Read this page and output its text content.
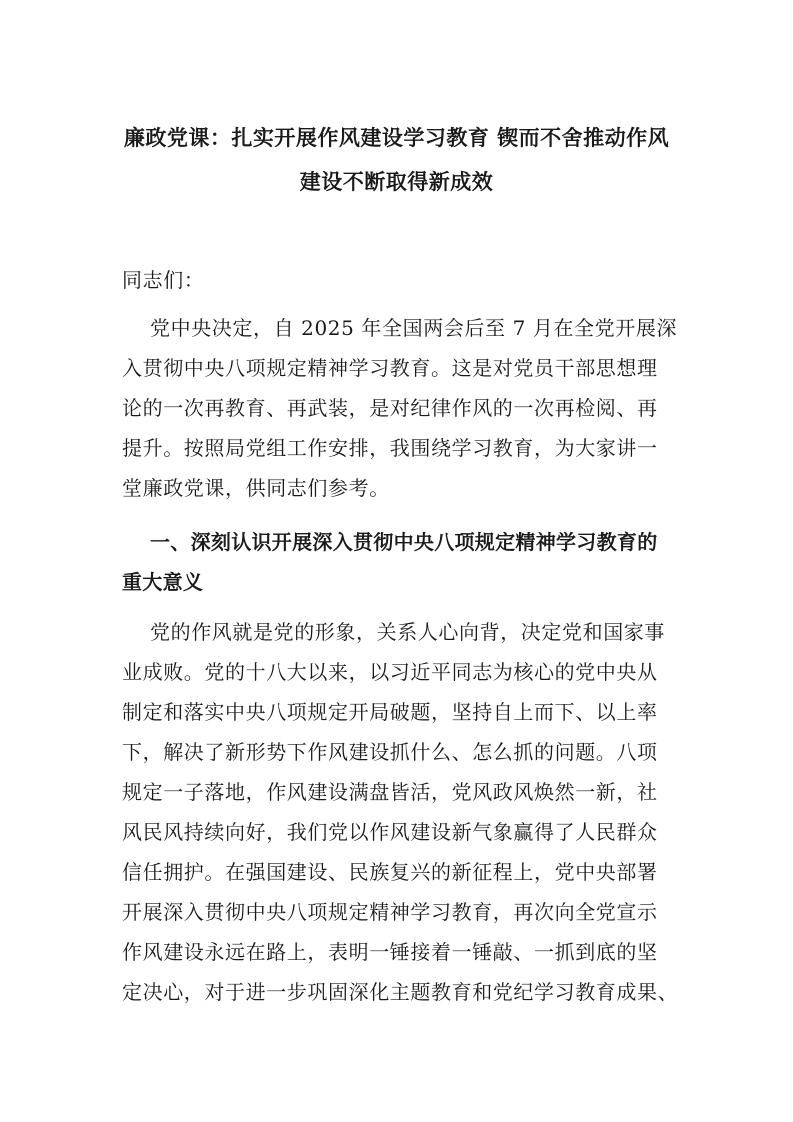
廉政党课：扎实开展作风建设学习教育 锲而不舍推动作风
建设不断取得新成效
同志们：
党中央决定，自 2025 年全国两会后至 7 月在全党开展深
入贯彻中央八项规定精神学习教育。这是对党员干部思想理
论的一次再教育、再武装，是对纪律作风的一次再检阅、再
提升。按照局党组工作安排，我围绕学习教育，为大家讲一
堂廉政党课，供同志们参考。
一、深刻认识开展深入贯彻中央八项规定精神学习教育的
重大意义
党的作风就是党的形象，关系人心向背，决定党和国家事
业成败。党的十八大以来，以习近平同志为核心的党中央从
制定和落实中央八项规定开局破题，坚持自上而下、以上率
下，解决了新形势下作风建设抓什么、怎么抓的问题。八项
规定一子落地，作风建设满盘皆活，党风政风焕然一新，社
风民风持续向好，我们党以作风建设新气象赢得了人民群众
信任拥护。在强国建设、民族复兴的新征程上，党中央部署
开展深入贯彻中央八项规定精神学习教育，再次向全党宣示
作风建设永远在路上，表明一锤接着一锤敲、一抓到底的坚
定决心，对于进一步巩固深化主题教育和党纪学习教育成果、
